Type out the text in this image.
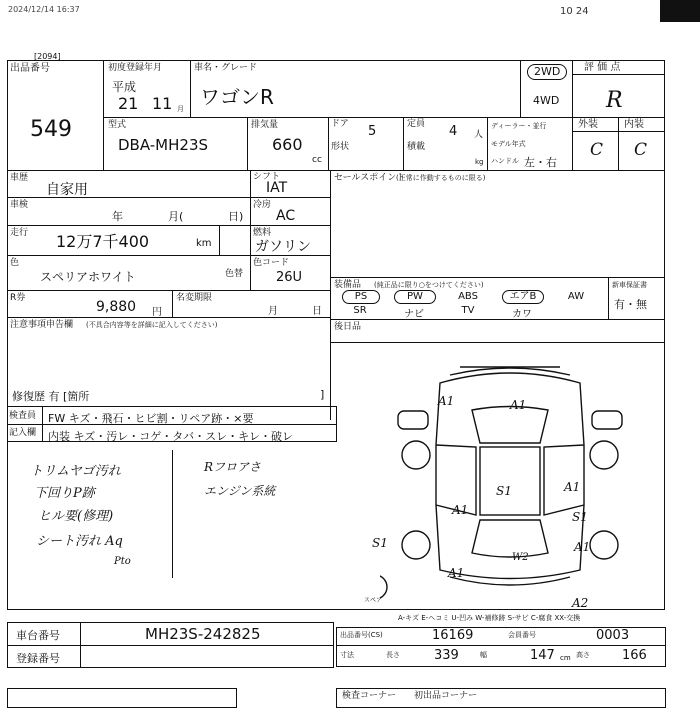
2024/12/14 16:37	10 24
[2094]
出品番号
549
初度登録年月
平成
21 11 月
車名・グレード
ワゴンR
2WD
4WD
評 価 点
R
型式
DBA-MH23S
排気量
660
cc
ドア 5
形状
定員 4 人
積載
kg
ディーラー・並行
モデル年式
ハンドル 左・右
外装	内装
C C
車歴
自家用
車検
年	月(	日)
走行 12万7千400	km
シフト
IAT
冷房
AC
燃料
ガソリン
色
スペリアホワイト	色替
色コード
26U
R券
9,880 円
名変期限
月	日
注意事項申告欄 (不具合内容等を詳細に記入してください)
修復歴 有 [箇所	]
検査員
記入欄
FW キズ・飛石・ヒビ割・リペア跡・×要
内装 キズ・汚レ・コゲ・タバ・スレ・キレ・破レ
トリムヤゴ汚れ
下回りP跡
ヒル要(修理)
シート汚れ Aq
Pto
Rフロアさ
エンジン系統
セールスポイント
(正常に作動するものに限る)
装備品 (純正品に限り○をつけてください)
PS	PW	ABS	エアB	AW
SR	ナビ	TV	カワ
新車保証書
有・無
後日品
スペア
A1	A1
A1
S1	A1
S1
A1
S1	A1
A2
W2
A-キズ E-ヘコミ U-凹み W-補修跡 S-サビ C-腐食 XX-交換
車台番号	MH23S-242825
登録番号
出品番号(CS)	16169	会員番号	0003
寸法	長さ	339	幅	147 cm 高さ 166
検査コーナー 初出品コーナー
